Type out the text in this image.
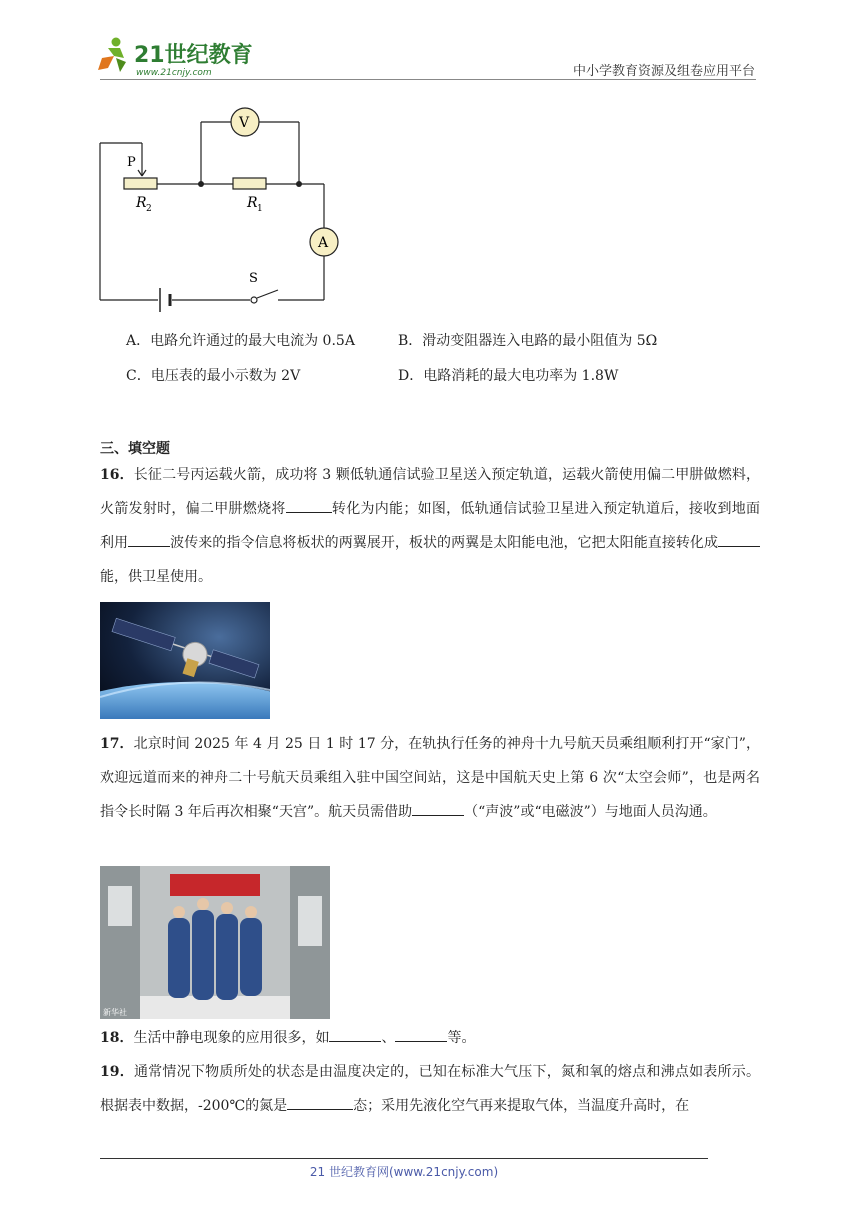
21世纪教育
www.21cnjy.com	中小学教育资源及组卷应用平台
P
R 2	R 1
V
A
S
A．电路允许通过的最大电流为 0.5A	B．滑动变阻器连入电路的最小阻值为 5Ω
C．电压表的最小示数为 2V	D．电路消耗的最大电功率为 1.8W
三、填空题
16．长征二号丙运载火箭，成功将 3 颗低轨通信试验卫星送入预定轨道，运载火箭使用偏二甲肼做燃料，火箭发射时，偏二甲肼燃烧将	转化为内能；如图，低轨通信试验卫星进入预定轨道后，接收到地面利用	波传来的指令信息将板状的两翼展开，板状的两翼是太阳能电池，它把太阳能直接转化成能，供卫星使用。
17．北京时间 2025 年 4 月 25 日 1 时 17 分，在轨执行任务的神舟十九号航天员乘组顺利打开“家门”，欢迎远道而来的神舟二十号航天员乘组入驻中国空间站，这是中国航天史上第 6 次“太空会师”，也是两名指令长时隔 3 年后再次相聚“天宫”。航天员需借助	（“声波”或“电磁波”）与地面人员沟通。
新华社
18．生活中静电现象的应用很多，如	、	等。
19．通常情况下物质所处的状态是由温度决定的，已知在标准大气压下，氮和氧的熔点和沸点如表所示。根据表中数据，-200℃的氮是	态；采用先液化空气再来提取气体，当温度升高时，在
21 世纪教育网(www.21cnjy.com)
